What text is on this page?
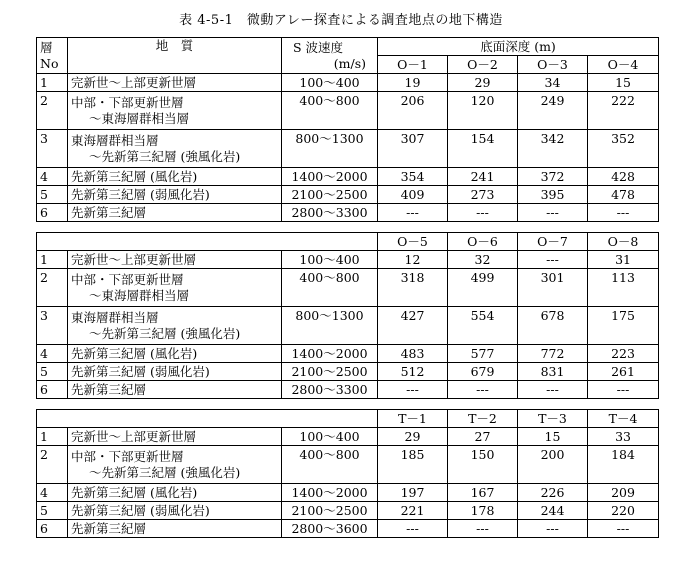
表 4-5-1　微動アレー探査による調査地点の地下構造
層
No	地　質	S 波速度
(m/s)	底面深度 (m)			
			O－1	O－2	O－3	O－4
1	完新世～上部更新世層	100～400	19	29	34	15
2	中部・下部更新世層
～東海層群相当層	400～800	206	120	249	222
3	東海層群相当層
～先新第三紀層 (強風化岩)	800～1300	307	154	342	352
4	先新第三紀層 (風化岩)	1400～2000	354	241	372	428
5	先新第三紀層 (弱風化岩)	2100～2500	409	273	395	478
6	先新第三紀層	2800～3300	---	---	---	---

			O－5	O－6	O－7	O－8
1	完新世～上部更新世層	100～400	12	32	---	31
2	中部・下部更新世層
～東海層群相当層	400～800	318	499	301	113
3	東海層群相当層
～先新第三紀層 (強風化岩)	800～1300	427	554	678	175
4	先新第三紀層 (風化岩)	1400～2000	483	577	772	223
5	先新第三紀層 (弱風化岩)	2100～2500	512	679	831	261
6	先新第三紀層	2800～3300	---	---	---	---

			T－1	T－2	T－3	T－4
1	完新世～上部更新世層	100～400	29	27	15	33
2	中部・下部更新世層
～先新第三紀層 (強風化岩)	400～800	185	150	200	184
4	先新第三紀層 (風化岩)	1400～2000	197	167	226	209
5	先新第三紀層 (弱風化岩)	2100～2500	221	178	244	220
6	先新第三紀層	2800～3600	---	---	---	---
